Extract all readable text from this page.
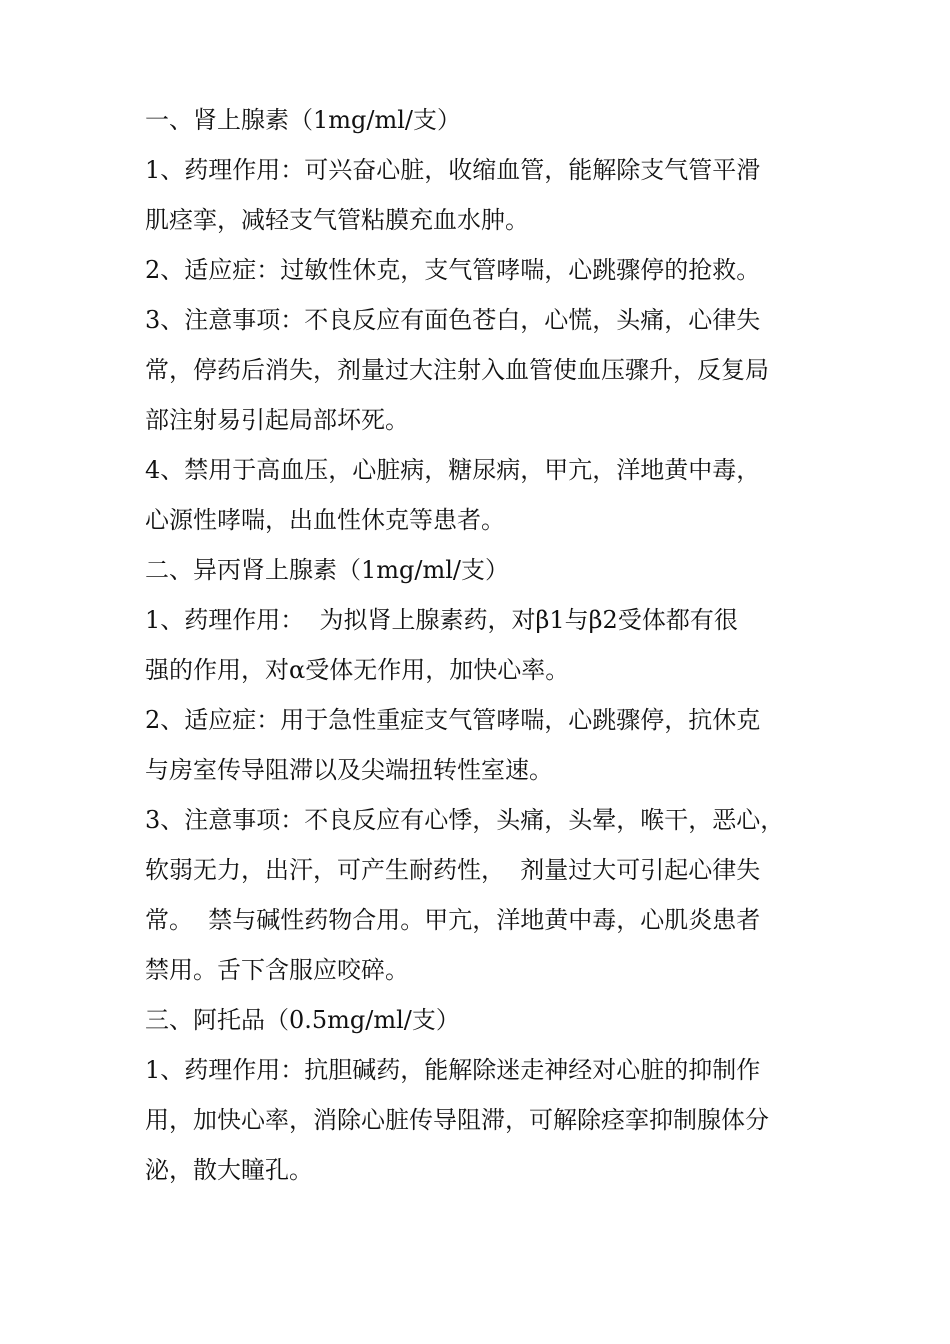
一、肾上腺素（1mg/ml/支）
1、药理作用：可兴奋心脏，收缩血管，能解除支气管平滑
肌痉挛，减轻支气管粘膜充血水肿。
2、适应症：过敏性休克，支气管哮喘，心跳骤停的抢救。
3、注意事项：不良反应有面色苍白，心慌，头痛，心律失
常，停药后消失，剂量过大注射入血管使血压骤升，反复局
部注射易引起局部坏死。
4、禁用于高血压，心脏病，糖尿病，甲亢，洋地黄中毒，
心源性哮喘，出血性休克等患者。
二、异丙肾上腺素（1mg/ml/支）
1、药理作用：  为拟肾上腺素药，对β1与β2受体都有很
强的作用，对α受体无作用，加快心率。
2、适应症：用于急性重症支气管哮喘，心跳骤停，抗休克
与房室传导阻滞以及尖端扭转性室速。
3、注意事项：不良反应有心悸，头痛，头晕，喉干，恶心，
软弱无力，出汗，可产生耐药性，  剂量过大可引起心律失
常。  禁与碱性药物合用。甲亢，洋地黄中毒，心肌炎患者
禁用。舌下含服应咬碎。
三、阿托品（0.5mg/ml/支）
1、药理作用：抗胆碱药，能解除迷走神经对心脏的抑制作
用，加快心率，消除心脏传导阻滞，可解除痉挛抑制腺体分
泌，散大瞳孔。
